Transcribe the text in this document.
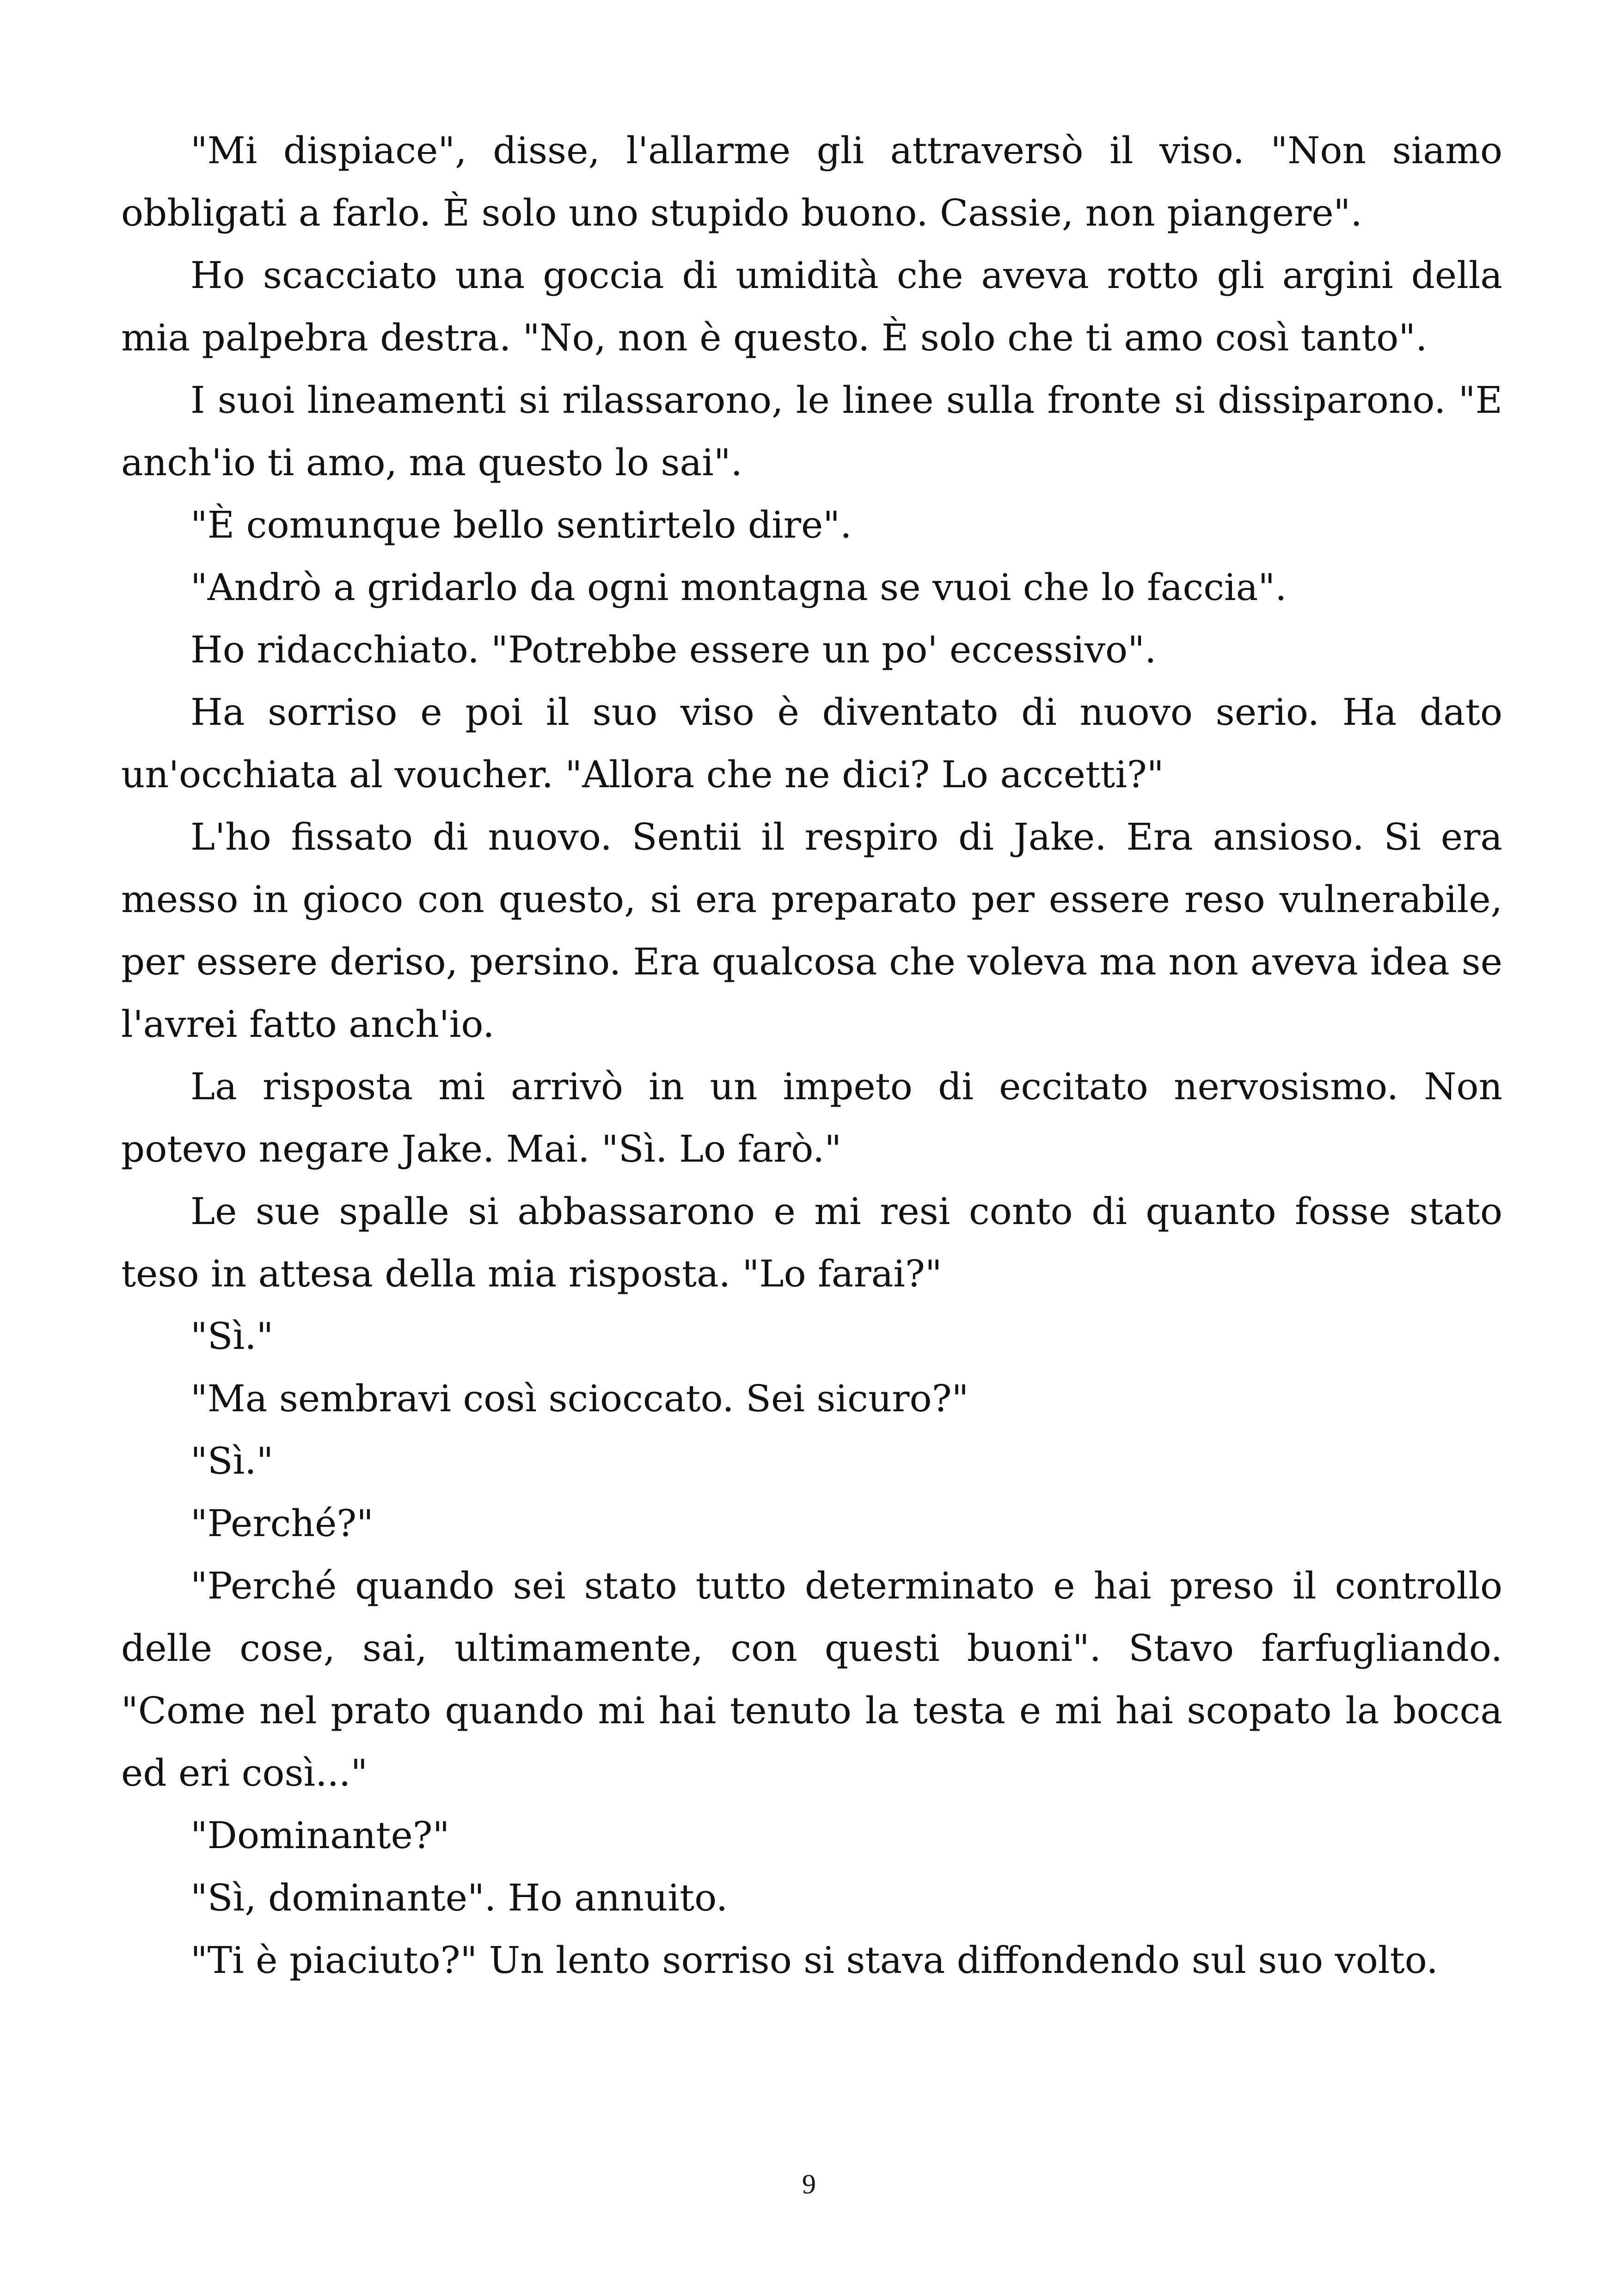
"Mi dispiace", disse, l'allarme gli attraversò il viso. "Non siamo obbligati a farlo. È solo uno stupido buono. Cassie, non piangere".

Ho scacciato una goccia di umidità che aveva rotto gli argini della mia palpebra destra. "No, non è questo. È solo che ti amo così tanto".

I suoi lineamenti si rilassarono, le linee sulla fronte si dissiparono. "E anch'io ti amo, ma questo lo sai".

"È comunque bello sentirtelo dire".

"Andrò a gridarlo da ogni montagna se vuoi che lo faccia".

Ho ridacchiato. "Potrebbe essere un po' eccessivo".

Ha sorriso e poi il suo viso è diventato di nuovo serio. Ha dato un'occhiata al voucher. "Allora che ne dici? Lo accetti?"

L'ho fissato di nuovo. Sentii il respiro di Jake. Era ansioso. Si era messo in gioco con questo, si era preparato per essere reso vulnerabile, per essere deriso, persino. Era qualcosa che voleva ma non aveva idea se l'avrei fatto anch'io.

La risposta mi arrivò in un impeto di eccitato nervosismo. Non potevo negare Jake. Mai. "Sì. Lo farò."

Le sue spalle si abbassarono e mi resi conto di quanto fosse stato teso in attesa della mia risposta. "Lo farai?"

"Sì."

"Ma sembravi così scioccato. Sei sicuro?"

"Sì."

"Perché?"

"Perché quando sei stato tutto determinato e hai preso il controllo delle cose, sai, ultimamente, con questi buoni". Stavo farfugliando. "Come nel prato quando mi hai tenuto la testa e mi hai scopato la bocca ed eri così..."

"Dominante?"

"Sì, dominante". Ho annuito.

"Ti è piaciuto?" Un lento sorriso si stava diffondendo sul suo volto.

9
